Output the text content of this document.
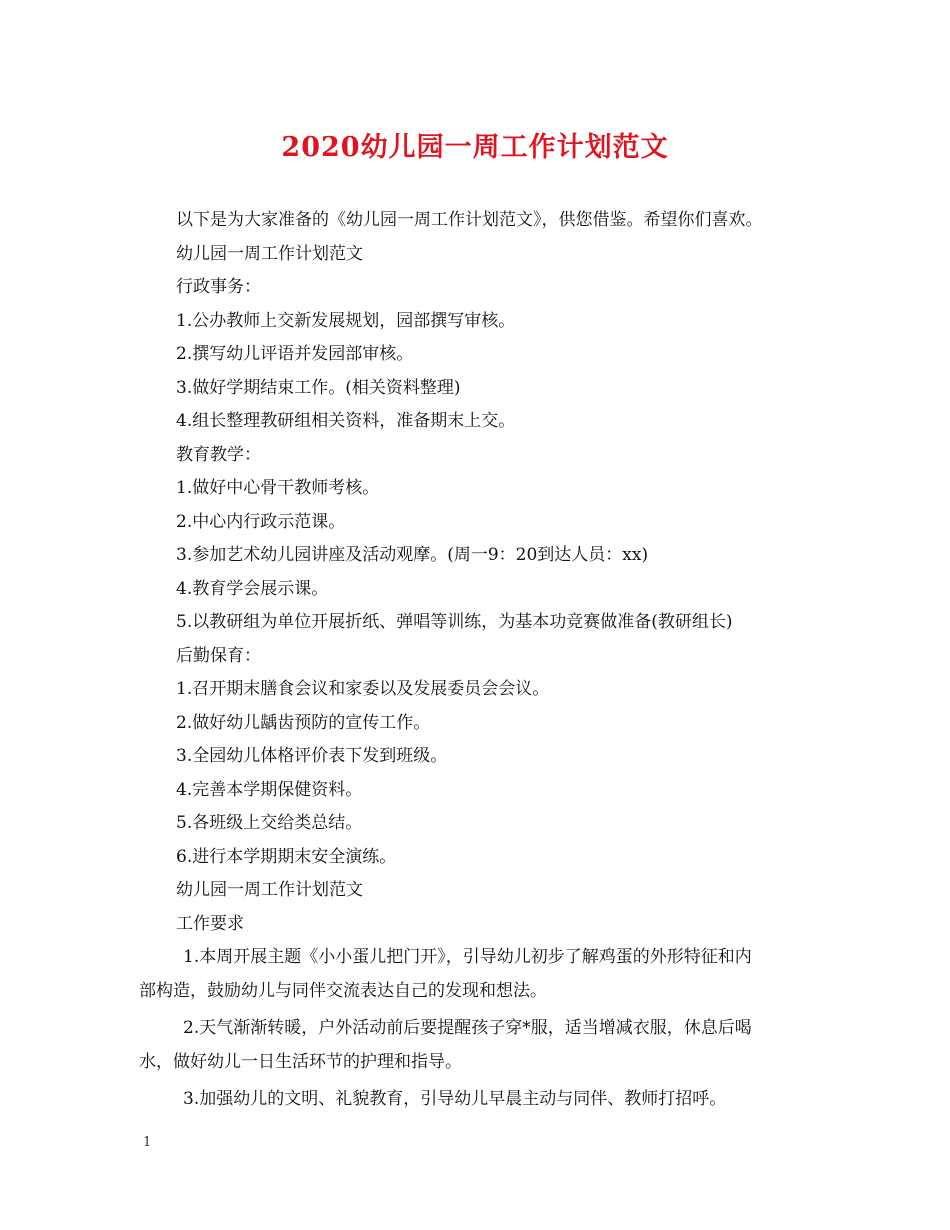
2020幼儿园一周工作计划范文
以下是为大家准备的《幼儿园一周工作计划范文》，供您借鉴。希望你们喜欢。
幼儿园一周工作计划范文
行政事务：
1.公办教师上交新发展规划，园部撰写审核。
2.撰写幼儿评语并发园部审核。
3.做好学期结束工作。(相关资料整理)
4.组长整理教研组相关资料，准备期末上交。
教育教学：
1.做好中心骨干教师考核。
2.中心内行政示范课。
3.参加艺术幼儿园讲座及活动观摩。(周一9：20到达人员：xx)
4.教育学会展示课。
5.以教研组为单位开展折纸、弹唱等训练，为基本功竞赛做准备(教研组长)
后勤保育：
1.召开期末膳食会议和家委以及发展委员会会议。
2.做好幼儿龋齿预防的宣传工作。
3.全园幼儿体格评价表下发到班级。
4.完善本学期保健资料。
5.各班级上交给类总结。
6.进行本学期期末安全演练。
幼儿园一周工作计划范文
工作要求
1.本周开展主题《小小蛋儿把门开》，引导幼儿初步了解鸡蛋的外形特征和内
部构造，鼓励幼儿与同伴交流表达自己的发现和想法。
2.天气渐渐转暖，户外活动前后要提醒孩子穿*服，适当增减衣服，休息后喝
水，做好幼儿一日生活环节的护理和指导。
3.加强幼儿的文明、礼貌教育，引导幼儿早晨主动与同伴、教师打招呼。
1
